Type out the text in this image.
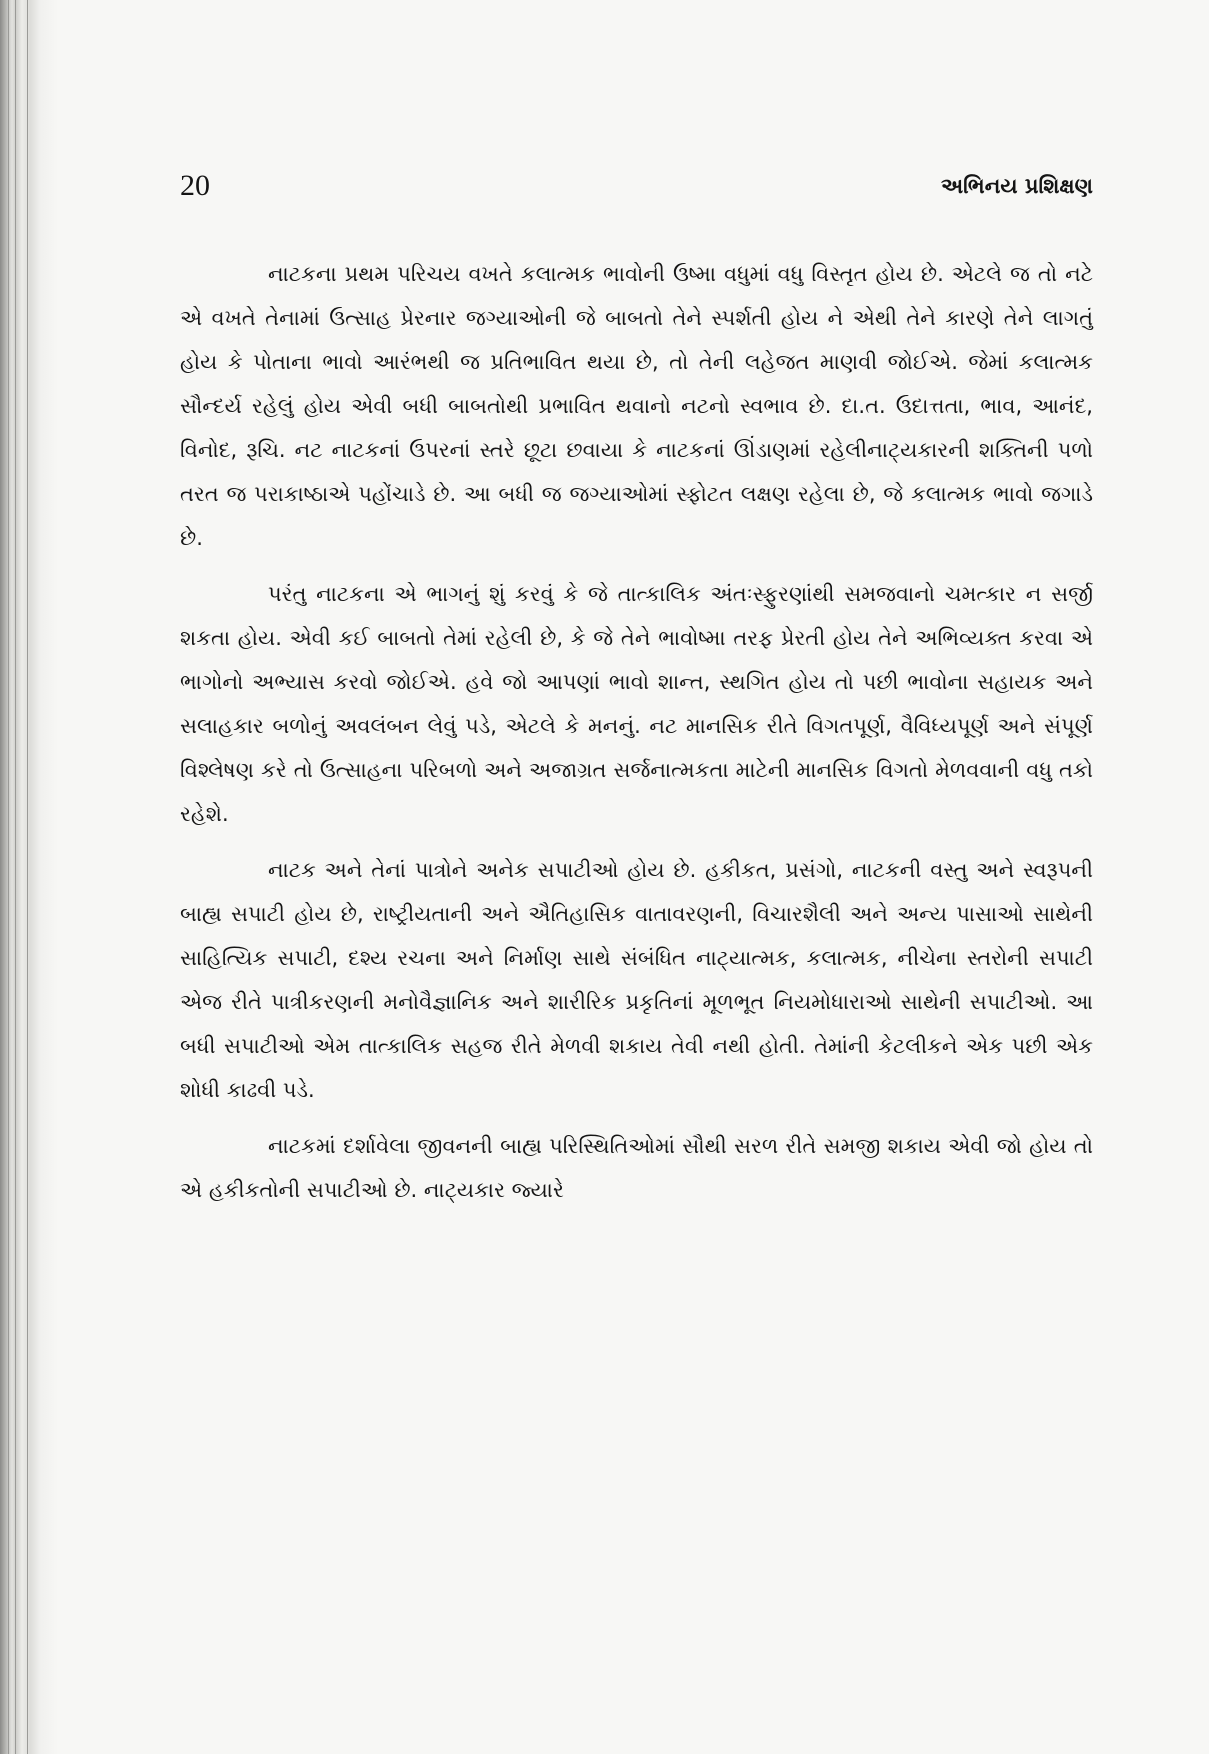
20	અભિનય પ્રશિક્ષણ

નાટકના પ્રથમ પરિચય વખતે કલાત્મક ભાવોની ઉષ્મા વધુમાં વધુ વિસ્તૃત હોય છે. એટલે જ તો નટે એ વખતે તેનામાં ઉત્સાહ પ્રેરનાર જગ્યાઓની જે બાબતો તેને સ્પર્શતી હોય ને એથી તેને કારણે તેને લાગતું હોય કે પોતાના ભાવો આરંભથી જ પ્રતિભાવિત થયા છે, તો તેની લહેજત માણવી જોઈએ. જેમાં કલાત્મક સૌન્દર્ય રહેલું હોય એવી બધી બાબતોથી પ્રભાવિત થવાનો નટનો સ્વભાવ છે. દા.ત. ઉદાત્તતા, ભાવ, આનંદ, વિનોદ, રૂચિ. નટ નાટકનાં ઉપરનાં સ્તરે છૂટા છવાયા કે નાટકનાં ઊંડાણમાં રહેલીનાટ્યકારની શક્તિની પળો તરત જ પરાકાષ્ઠાએ પહોંચાડે છે. આ બધી જ જગ્યાઓમાં સ્ફોટત લક્ષણ રહેલા છે, જે કલાત્મક ભાવો જગાડે છે.

પરંતુ નાટકના એ ભાગનું શું કરવું કે જે તાત્કાલિક અંતઃસ્ફુરણાંથી સમજવાનો ચમત્કાર ન સર્જી શકતા હોય. એવી કઈ બાબતો તેમાં રહેલી છે, કે જે તેને ભાવોષ્મા તરફ પ્રેરતી હોય તેને અભિવ્યક્ત કરવા એ ભાગોનો અભ્યાસ કરવો જોઈએ. હવે જો આપણાં ભાવો શાન્ત, સ્થગિત હોય તો પછી ભાવોના સહાયક અને સલાહકાર બળોનું અવલંબન લેવું પડે, એટલે કે મનનું. નટ માનસિક રીતે વિગતપૂર્ણ, વૈવિધ્યપૂર્ણ અને સંપૂર્ણ વિશ્લેષણ કરે તો ઉત્સાહના પરિબળો અને અજાગ્રત સર્જનાત્મકતા માટેની માનસિક વિગતો મેળવવાની વધુ તકો રહેશે.

નાટક અને તેનાં પાત્રોને અનેક સપાટીઓ હોય છે. હકીકત, પ્રસંગો, નાટકની વસ્તુ અને સ્વરૂપની બાહ્ય સપાટી હોય છે, રાષ્ટ્રીયતાની અને ઐતિહાસિક વાતાવરણની, વિચારશૈલી અને અન્ય પાસાઓ સાથેની સાહિત્યિક સપાટી, દશ્ય રચના અને નિર્માણ સાથે સંબંધિત નાટ્યાત્મક, કલાત્મક, નીચેના સ્તરોની સપાટી એજ રીતે પાત્રીકરણની મનોવૈજ્ઞાનિક અને શારીરિક પ્રકૃતિનાં મૂળભૂત નિયમોધારાઓ સાથેની સપાટીઓ. આ બધી સપાટીઓ એમ તાત્કાલિક સહજ રીતે મેળવી શકાય તેવી નથી હોતી. તેમાંની કેટલીકને એક પછી એક શોધી કાઢવી પડે.

નાટકમાં દર્શાવેલા જીવનની બાહ્ય પરિસ્થિતિઓમાં સૌથી સરળ રીતે સમજી શકાય એવી જો હોય તો એ હકીકતોની સપાટીઓ છે. નાટ્યકાર જ્યારે
